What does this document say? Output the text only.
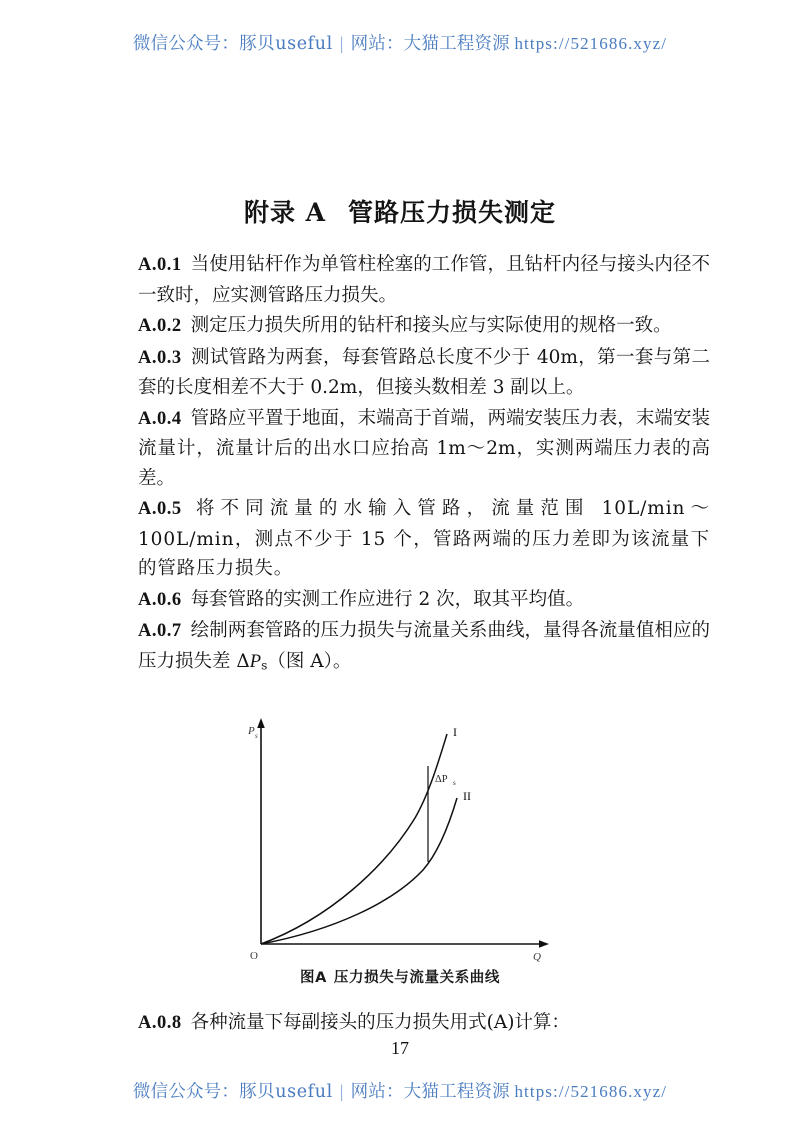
微信公众号：豚贝useful | 网站：大猫工程资源 https://521686.xyz/
附录 A 管路压力损失测定

A.0.1 当使用钻杆作为单管柱栓塞的工作管，且钻杆内径与接头内径不一致时，应实测管路压力损失。

A.0.2 测定压力损失所用的钻杆和接头应与实际使用的规格一致。

A.0.3 测试管路为两套，每套管路总长度不少于 40m，第一套与第二套的长度相差不大于 0.2m，但接头数相差 3 副以上。

A.0.4 管路应平置于地面，末端高于首端，两端安装压力表，末端安装流量计，流量计后的出水口应抬高 1m～2m，实测两端压力表的高差。

A.0.5 将不同流量的水输入管路，流量范围 10L/min～100L/min，测点不少于 15 个，管路两端的压力差即为该流量下的管路压力损失。

A.0.6 每套管路的实测工作应进行 2 次，取其平均值。

A.0.7 绘制两套管路的压力损失与流量关系曲线，量得各流量值相应的压力损失差 $\Delta P_s$（图 A）。

P s
Q
O
I
II
ΔP s
图A 压力损失与流量关系曲线

A.0.8 各种流量下每副接头的压力损失用式(A)计算：

17
微信公众号：豚贝useful | 网站：大猫工程资源 https://521686.xyz/
